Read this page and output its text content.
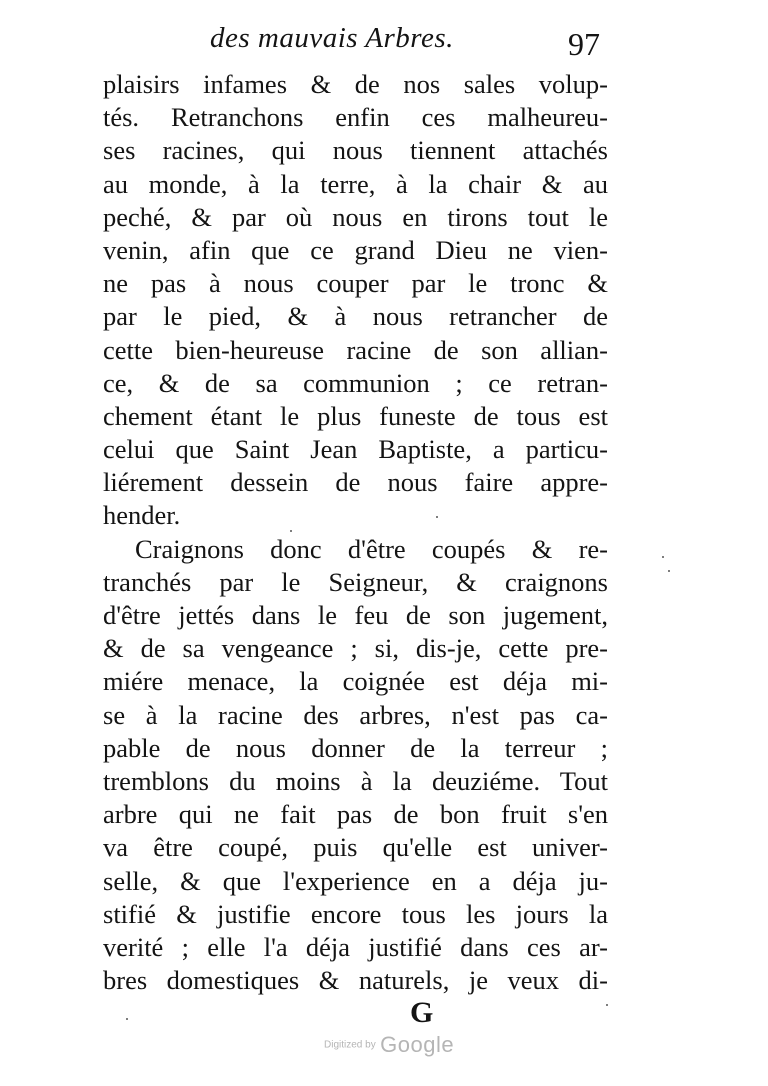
des mauvais Arbres.	97
plaisirs infames & de nos sales volup-
tés. Retranchons enfin ces malheureu-
ses racines, qui nous tiennent attachés
au monde, à la terre, à la chair & au
peché, & par où nous en tirons tout le
venin, afin que ce grand Dieu ne vien-
ne pas à nous couper par le tronc &
par le pied, & à nous retrancher de
cette bien-heureuse racine de son allian-
ce, & de sa communion ; ce retran-
chement étant le plus funeste de tous est
celui que Saint Jean Baptiste, a particu-
liérement dessein de nous faire appre-
hender.
Craignons donc d'être coupés & re-
tranchés par le Seigneur, & craignons
d'être jettés dans le feu de son jugement,
& de sa vengeance ; si, dis-je, cette pre-
miére menace, la coignée est déja mi-
se à la racine des arbres, n'est pas ca-
pable de nous donner de la terreur ;
tremblons du moins à la deuziéme. Tout
arbre qui ne fait pas de bon fruit s'en
va être coupé, puis qu'elle est univer-
selle, & que l'experience en a déja ju-
stifié & justifie encore tous les jours la
verité ; elle l'a déja justifié dans ces ar-
bres domestiques & naturels, je veux di-
G
Digitized by Google
